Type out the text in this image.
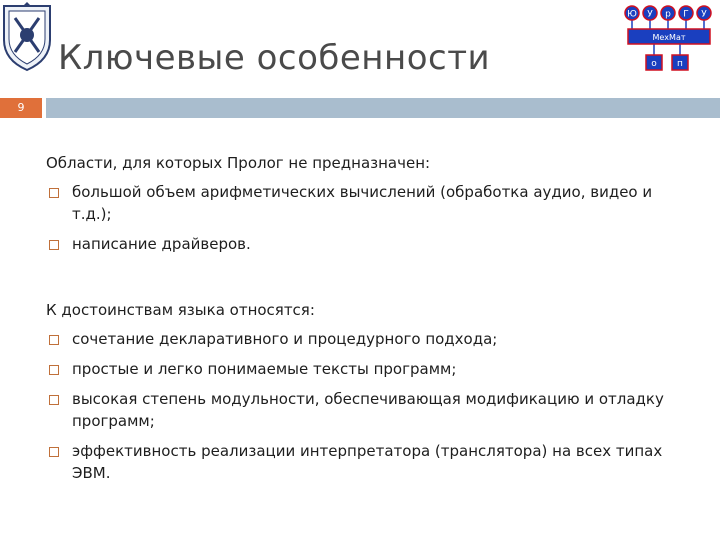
Ключевые особенности
Ю У р Г У
МехМат
о п
9
Области, для которых Пролог не предназначен:
большой объем арифметических вычислений (обработка аудио, видео и т.д.);
написание драйверов.
К достоинствам языка относятся:
сочетание декларативного и процедурного подхода;
простые и легко понимаемые тексты программ;
высокая степень модульности, обеспечивающая модификацию и отладку программ;
эффективность реализации интерпретатора (транслятора) на всех типах ЭВМ.
